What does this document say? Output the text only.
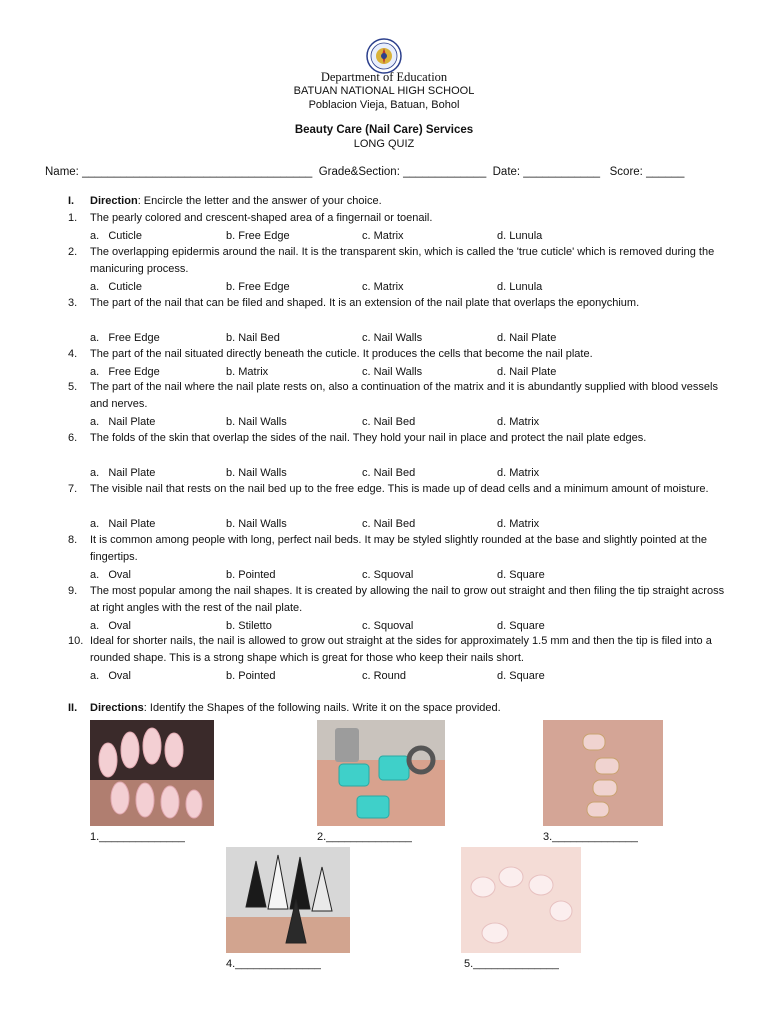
Department of Education
BATUAN NATIONAL HIGH SCHOOL
Poblacion Vieja, Batuan, Bohol
Beauty Care (Nail Care) Services
LONG QUIZ
Name: ____________________________________  Grade&Section: _____________  Date: ____________   Score: ______
I.	Direction: Encircle the letter and the answer of your choice.
1.	The pearly colored and crescent-shaped area of a fingernail or toenail.
a.   Cuticle	b. Free Edge	c. Matrix	d. Lunula
2.	The overlapping epidermis around the nail. It is the transparent skin, which is called the 'true cuticle' which is removed during the manicuring process.
a.   Cuticle	b. Free Edge	c. Matrix	d. Lunula
3.	The part of the nail that can be filed and shaped. It is an extension of the nail plate that overlaps the eponychium.
a.   Free Edge	b. Nail Bed	c. Nail Walls	d. Nail Plate
4.	The part of the nail situated directly beneath the cuticle. It produces the cells that become the nail plate.
a.   Free Edge	b. Matrix	c. Nail Walls	d. Nail Plate
5.	The part of the nail where the nail plate rests on, also a continuation of the matrix and it is abundantly supplied with blood vessels and nerves.
a.   Nail Plate	b. Nail Walls	c. Nail Bed	d. Matrix
6.	The folds of the skin that overlap the sides of the nail. They hold your nail in place and protect the nail plate edges.
a.   Nail Plate	b. Nail Walls	c. Nail Bed	d. Matrix
7.	The visible nail that rests on the nail bed up to the free edge. This is made up of dead cells and a minimum amount of moisture.
a.   Nail Plate	b. Nail Walls	c. Nail Bed	d. Matrix
8.	It is common among people with long, perfect nail beds. It may be styled slightly rounded at the base and slightly pointed at the fingertips.
a.   Oval	b. Pointed	c. Squoval	d. Square
9.	The most popular among the nail shapes. It is created by allowing the nail to grow out straight and then filing the tip straight across at right angles with the rest of the nail plate.
a.   Oval	b. Stiletto	c. Squoval	d. Square
10. Ideal for shorter nails, the nail is allowed to grow out straight at the sides for approximately 1.5 mm and then the tip is filed into a rounded shape. This is a strong shape which is great for those who keep their nails short.
a.   Oval	b. Pointed	c. Round	d. Square
II.	Directions: Identify the Shapes of the following nails. Write it on the space provided.
1.______________	2.______________	3.______________
4.______________	5.______________
